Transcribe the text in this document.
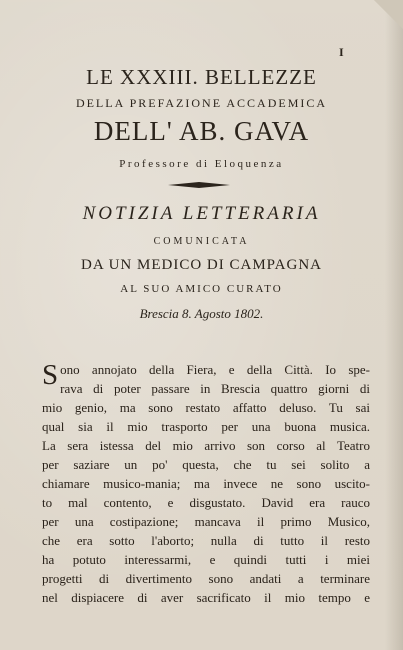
I
LE XXXIII. BELLEZZE
DELLA PREFAZIONE ACCADEMICA
DELL' AB. GAVA
Professore di Eloquenza
NOTIZIA LETTERARIA
COMUNICATA
DA UN MEDICO DI CAMPAGNA
AL SUO AMICO CURATO
Brescia 8. Agosto 1802.
S ono annojato della Fiera, e della Città. Io spe-
rava di poter passare in Brescia quattro giorni di
mio genio, ma sono restato affatto deluso. Tu sai
qual sia il mio trasporto per una buona musica.
La sera istessa del mio arrivo son corso al Teatro
per saziare un po' questa, che tu sei solito a
chiamare musico-mania; ma invece ne sono uscito-
to mal contento, e disgustato. David era rauco
per una costipazione; mancava il primo Musico,
che era sotto l'aborto; nulla di tutto il resto
ha potuto interessarmi, e quindi tutti i miei
progetti di divertimento sono andati a terminare
nel dispiacere di aver sacrificato il mio tempo e
